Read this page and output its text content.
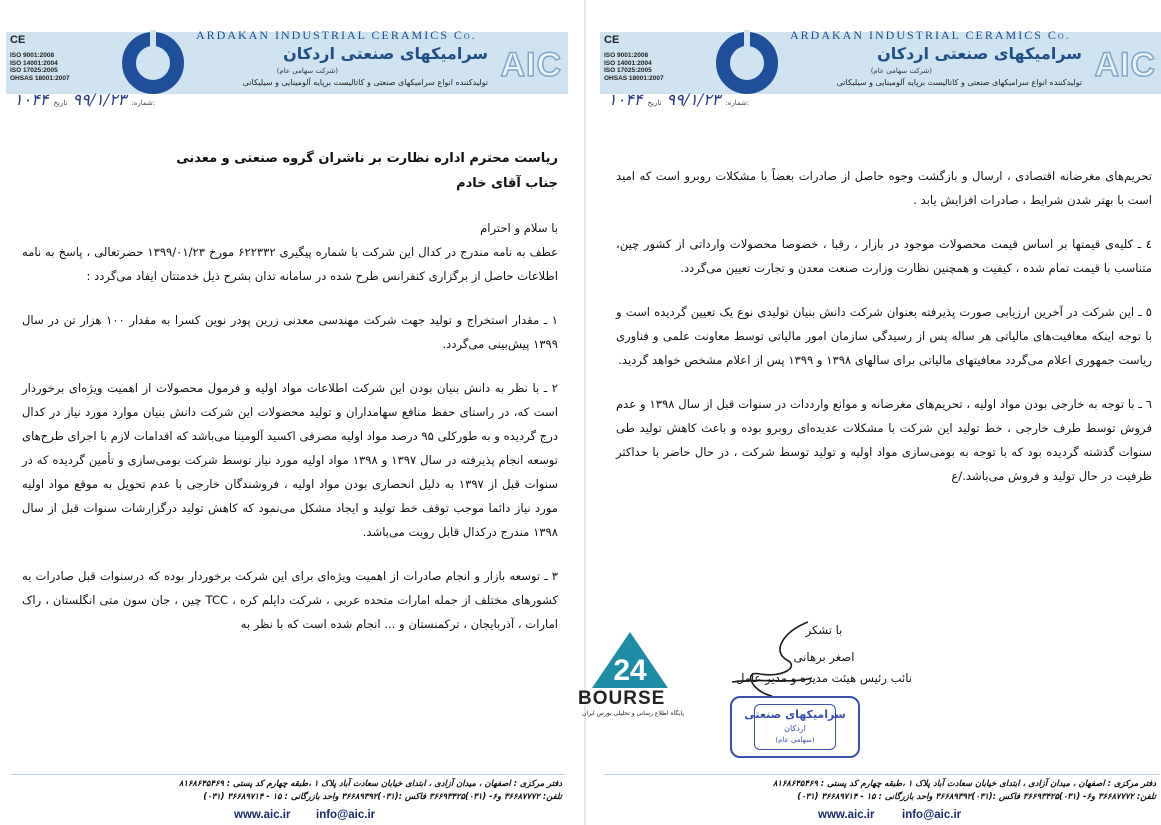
CE
ISO 9001:2008
ISO 14001:2004
ISO 17025:2005
OHSAS 18001:2007
ARDAKAN INDUSTRIAL CERAMICS Co.
سرامیکهای صنعتی اردکان
(شرکت سهامی عام)
تولیدکننده انواع سرامیکهای صنعتی و کاتالیست برپایه آلومینایی و سیلیکاتی AIC
۱۰۴۴	شماره: ۹۹/۱/۲۳ تاریخ:

ریاست محترم اداره نظارت بر ناشران گروه صنعتی و معدنی

جناب آقای خادم

با سلام و احترام

عطف به نامه مندرج در کدال این شرکت با شماره پیگیری ۶۲۲۳۳۲ مورخ ۱۳۹۹/۰۱/۲۳ حضرتعالی ، پاسخ به نامه اطلاعات حاصل از برگزاری کنفرانس طرح شده در سامانه تدان بشرح ذیل خدمتتان ایفاد می‌گردد :

۱ ـ مقدار استخراج و تولید جهت شرکت مهندسی معدنی زرین پودر نوین کسرا به مقدار ۱۰۰ هزار تن در سال ۱۳۹۹ پیش‌بینی می‌گردد.

۲ ـ با نظر به دانش بنیان بودن این شرکت اطلاعات مواد اولیه و فرمول محصولات از اهمیت ویژه‌ای برخوردار است که، در راستای حفظ منافع سهامداران و تولید محصولات این شرکت دانش بنیان موارد مورد نیاز در کدال درج گردیده و به طورکلی ۹۵ درصد مواد اولیه مصرفی اکسید آلومینا می‌باشد که اقدامات لازم با اجرای طرح‌های توسعه انجام پذیرفته در سال ۱۳۹۷ و ۱۳۹۸ مواد اولیه مورد نیاز توسط شرکت بومی‌سازی و تأمین گردیده که در سنوات قبل از ۱۳۹۷ به دلیل انحصاری بودن مواد اولیه ، فروشندگان خارجی با عدم تحویل به موقع مواد اولیه مورد نیاز دائما موجب توقف خط تولید و ایجاد مشکل می‌نمود که کاهش تولید درگزارشات سنوات قبل از سال ۱۳۹۸ مندرج درکدال قابل رویت می‌باشد.

۳ ـ توسعه بازار و انجام صادرات از اهمیت ویژه‌ای برای این شرکت برخوردار بوده که درسنوات قبل صادرات به کشورهای مختلف از جمله امارات متحده عربی ، شرکت دایلم کره ، TCC چین ، جان سون متی انگلستان ، راک امارات ، آذربایجان ، ترکمنستان و ... انجام شده است که با نظر به

دفتر مرکزی : اصفهان ، میدان آزادی ، ابتدای خیابان سعادت آباد پلاک ۱ ،طبقه چهارم کد پستی : ۸۱۶۸۶۴۵۴۶۹
تلفن: ۳۶۶۸۷۷۷۲ و۶- (۰۳۱)۳۶۶۹۳۴۲۵ فاکس :(۰۳۱)۳۶۶۸۹۳۹۲ واحد بازرگانی : ۱۵ - ۳۶۶۸۹۷۱۴ (۰۳۱)
www.aic.ir info@aic.ir
CE
ISO 9001:2008
ISO 14001:2004
ISO 17025:2005
OHSAS 18001:2007
ARDAKAN INDUSTRIAL CERAMICS Co.
سرامیکهای صنعتی اردکان
(شرکت سهامی عام)
تولیدکننده انواع سرامیکهای صنعتی و کاتالیست برپایه آلومینایی و سیلیکاتی AIC
۱۰۴۴	شماره: ۹۹/۱/۲۳ تاریخ:

تحریم‌های مغرضانه اقتصادی ، ارسال و بازگشت وجوه حاصل از صادرات بعضاً با مشکلات روبرو است که امید است با بهتر شدن شرایط ، صادرات افزایش یابد .

٤ ـ کلیه‌ی قیمتها بر اساس قیمت محصولات موجود در بازار ، رقبا ، خصوصا محصولات وارداتی از کشور چین، متناسب با قیمت تمام شده ، کیفیت و همچنین نظارت وزارت صنعت معدن و تجارت تعیین می‌گردد.

٥ ـ این شرکت در آخرین ارزیابی صورت پذیرفته بعنوان شرکت دانش بنیان تولیدی نوع یک تعیین گردیده است و با توجه اینکه معافیت‌های مالیاتی هر ساله پس از رسیدگی سازمان امور مالیاتی توسط معاونت علمی و فناوری ریاست جمهوری اعلام می‌گردد معافیتهای مالیاتی برای سالهای ۱۳۹۸ و ۱۳۹۹ پس از اعلام مشخص خواهد گردید.

٦ ـ با توجه به خارجی بودن مواد اولیه ، تحریم‌های مغرضانه و موانع وارددات در سنوات قبل از سال ۱۳۹۸ و عدم فروش توسط طرف خارجی ، خط تولید این شرکت با مشکلات عدیده‌ای روبرو بوده و باعث کاهش تولید طی سنوات گذشته گردیده بود که با توجه به بومی‌سازی مواد اولیه و تولید توسط شرکت ، در حال حاضر با حداکثر ظرفیت در حال تولید و فروش می‌باشد./ع

با تشکر

اصغر برهانی

نائب رئیس هیئت مدیره و مدیر عامل

دفتر مرکزی : اصفهان ، میدان آزادی ، ابتدای خیابان سعادت آباد پلاک ۱ ،طبقه چهارم کد پستی : ۸۱۶۸۶۴۵۴۶۹
تلفن: ۳۶۶۸۷۷۷۲ و۶- (۰۳۱)۳۶۶۹۳۴۲۵ فاکس :(۰۳۱)۳۶۶۸۹۳۹۲ واحد بازرگانی : ۱۵ - ۳۶۶۸۹۷۱۴ (۰۳۱)
www.aic.ir info@aic.ir
سرامیکهای صنعتی
اردکان
(سهامی عام)
24
BOURSE
پایگاه اطلاع رسانی و تحلیلی بورس ایران
